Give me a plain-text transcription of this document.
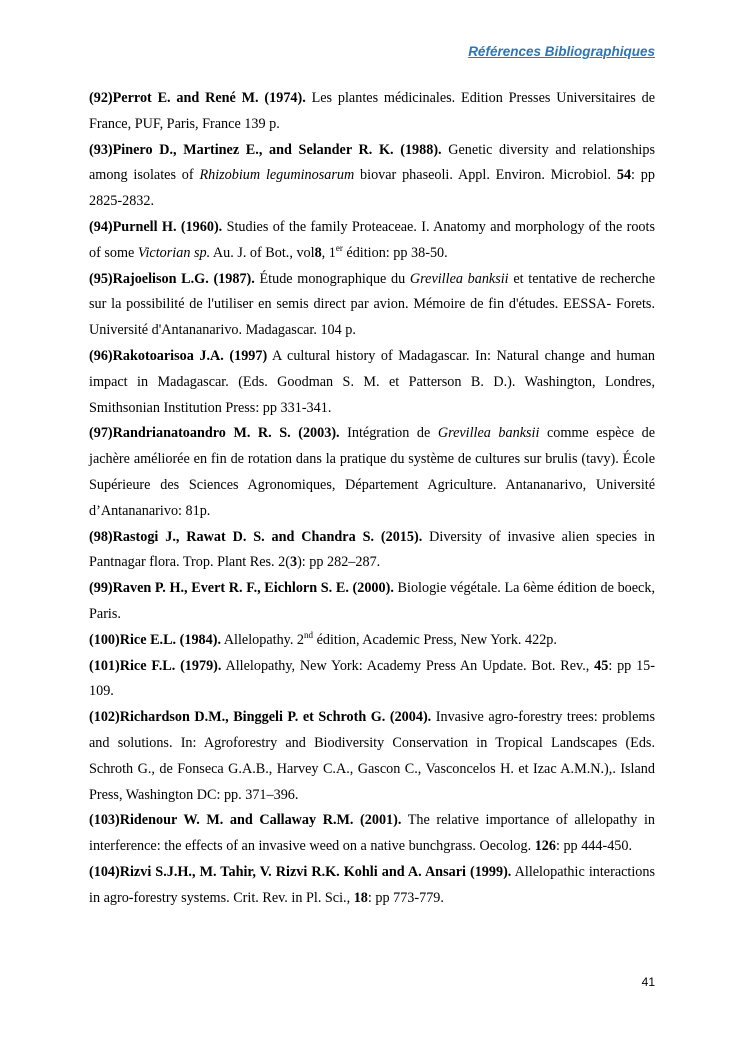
Références Bibliographiques

(92)Perrot E. and René M. (1974). Les plantes médicinales. Edition Presses Universitaires de France, PUF, Paris, France 139 p.

(93)Pinero D., Martinez E., and Selander R. K. (1988). Genetic diversity and relationships among isolates of Rhizobium leguminosarum biovar phaseoli. Appl. Environ. Microbiol. 54: pp 2825-2832.

(94)Purnell H. (1960). Studies of the family Proteaceae. I. Anatomy and morphology of the roots of some Victorian sp. Au. J. of Bot., vol8, 1er édition: pp 38-50.

(95)Rajoelison L.G. (1987). Étude monographique du Grevillea banksii et tentative de recherche sur la possibilité de l'utiliser en semis direct par avion. Mémoire de fin d'études. EESSA- Forets. Université d'Antananarivo. Madagascar. 104 p.

(96)Rakotoarisoa J.A. (1997) A cultural history of Madagascar. In: Natural change and human impact in Madagascar. (Eds. Goodman S. M. et Patterson B. D.). Washington, Londres, Smithsonian Institution Press: pp 331-341.

(97)Randrianatoandro M. R. S. (2003). Intégration de Grevillea banksii comme espèce de jachère améliorée en fin de rotation dans la pratique du système de cultures sur brulis (tavy). École Supérieure des Sciences Agronomiques, Département Agriculture. Antananarivo, Université d’Antananarivo: 81p.

(98)Rastogi J., Rawat D. S. and Chandra S. (2015). Diversity of invasive alien species in Pantnagar flora. Trop. Plant Res. 2(3): pp 282–287.

(99)Raven P. H., Evert R. F., Eichlorn S. E. (2000). Biologie végétale. La 6ème édition de boeck, Paris.

(100)Rice E.L. (1984). Allelopathy. 2nd édition, Academic Press, New York. 422p.

(101)Rice F.L. (1979). Allelopathy, New York: Academy Press An Update. Bot. Rev., 45: pp 15-109.

(102)Richardson D.M., Binggeli P. et Schroth G. (2004). Invasive agro-forestry trees: problems and solutions. In: Agroforestry and Biodiversity Conservation in Tropical Landscapes (Eds. Schroth G., de Fonseca G.A.B., Harvey C.A., Gascon C., Vasconcelos H. et Izac A.M.N.),. Island Press, Washington DC: pp. 371–396.

(103)Ridenour W. M. and Callaway R.M. (2001). The relative importance of allelopathy in interference: the effects of an invasive weed on a native bunchgrass. Oecolog. 126: pp 444-450.

(104)Rizvi S.J.H., M. Tahir, V. Rizvi R.K. Kohli and A. Ansari (1999). Allelopathic interactions in agro-forestry systems. Crit. Rev. in Pl. Sci., 18: pp 773-779.

41
